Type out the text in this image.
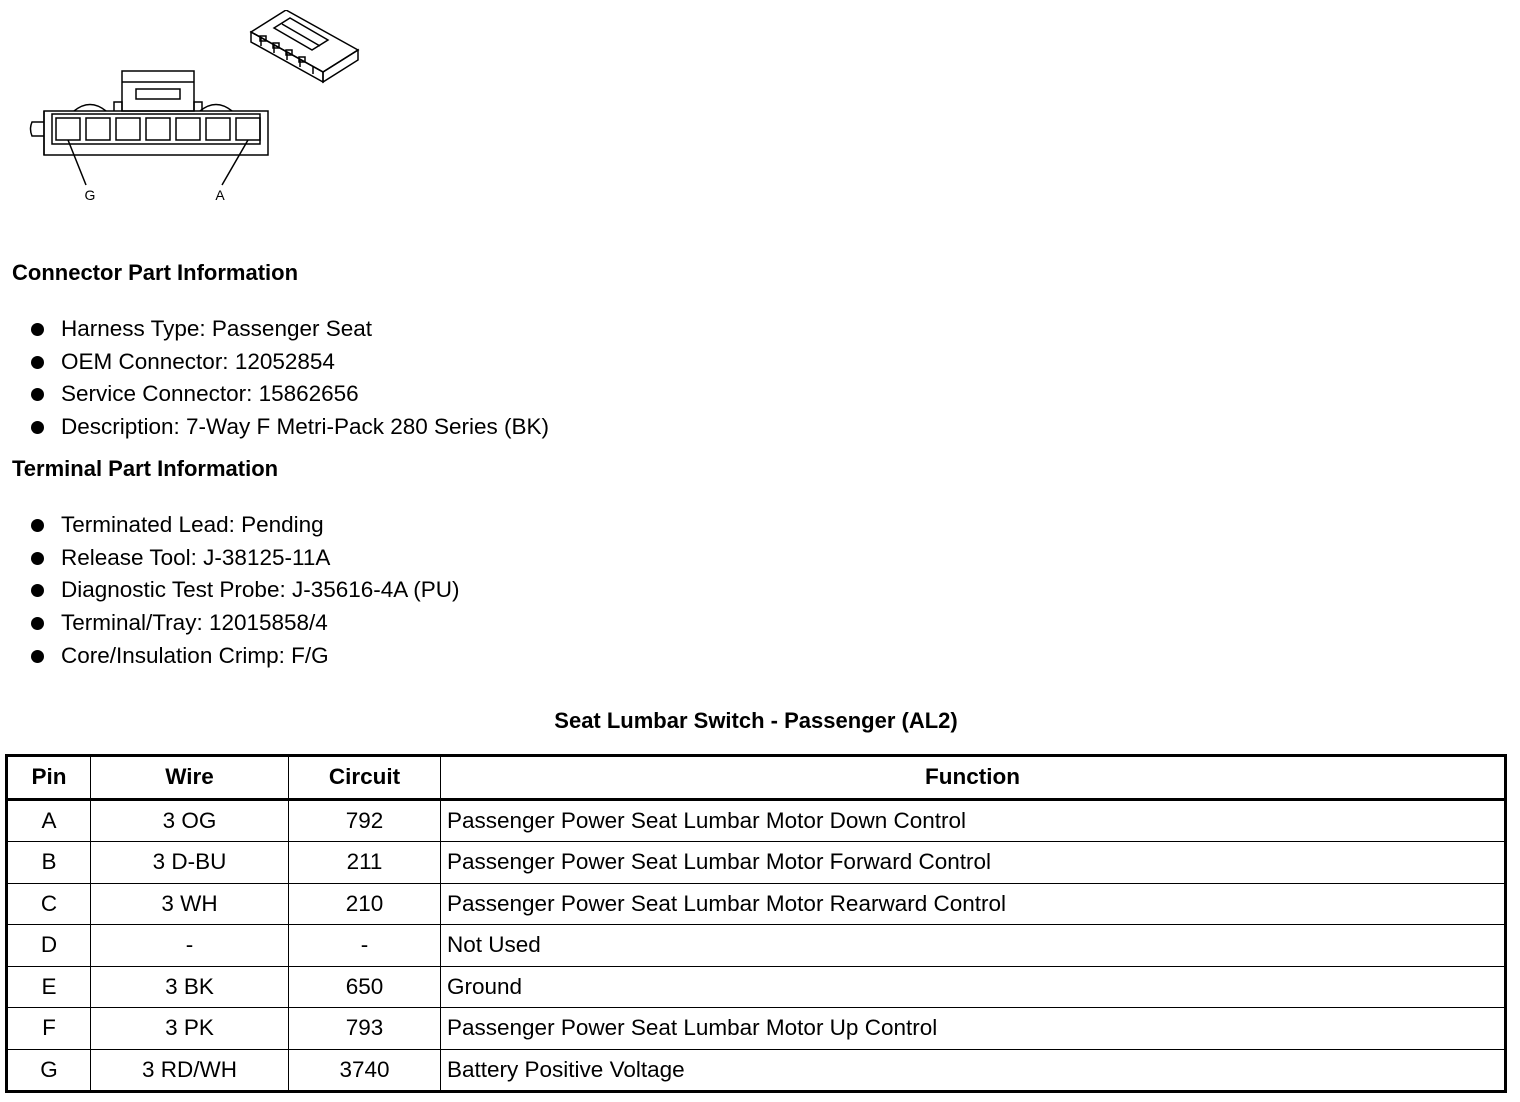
G	A
Connector Part Information
Harness Type: Passenger Seat
OEM Connector: 12052854
Service Connector: 15862656
Description: 7-Way F Metri-Pack 280 Series (BK)
Terminal Part Information
Terminated Lead: Pending
Release Tool: J-38125-11A
Diagnostic Test Probe: J-35616-4A (PU)
Terminal/Tray: 12015858/4
Core/Insulation Crimp: F/G
Seat Lumbar Switch - Passenger (AL2)
Pin	Wire	Circuit	Function
A	3 OG	792	Passenger Power Seat Lumbar Motor Down Control
B	3 D-BU	211	Passenger Power Seat Lumbar Motor Forward Control
C	3 WH	210	Passenger Power Seat Lumbar Motor Rearward Control
D	-	-	Not Used
E	3 BK	650	Ground
F	3 PK	793	Passenger Power Seat Lumbar Motor Up Control
G	3 RD/WH	3740	Battery Positive Voltage
